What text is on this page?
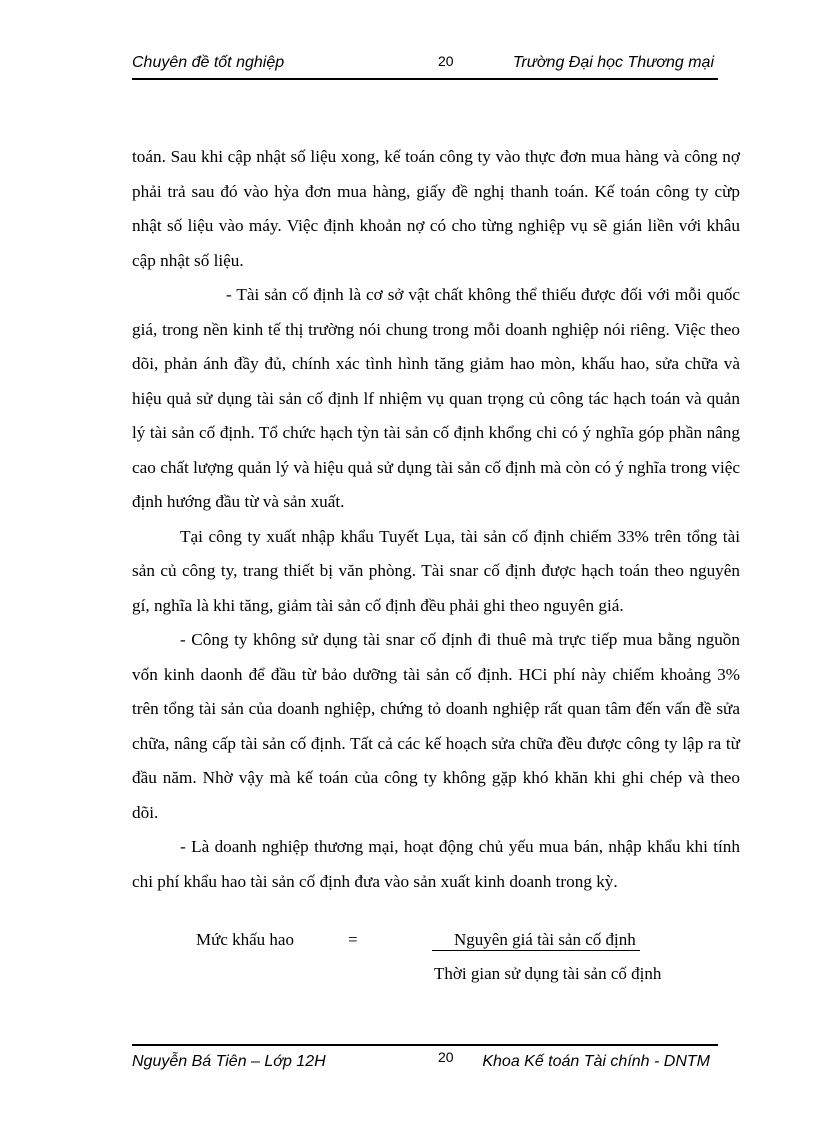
Chuyên đề tốt nghiệp	20	Trường Đại học Thương mại

toán. Sau khi cập nhật số liệu xong, kế toán công ty vào thực đơn mua hàng và công nợ phải trả sau đó vào hỳa đơn mua hàng, giấy đề nghị thanh toán. Kế toán công ty cừp nhật số liệu vào máy. Việc định khoản nợ có cho từng nghiệp vụ sẽ gián liền với khâu cập nhật số liệu.

- Tài sản cố định là cơ sở vật chất không thể thiếu được đối với mỗi quốc giá, trong nền kinh tế thị trường nói chung trong mỗi doanh nghiệp nói riêng. Việc theo dõi, phản ánh đầy đủ, chính xác tình hình tăng giảm hao mòn, khấu hao, sửa chữa và hiệu quả sử dụng tài sản cố định lf nhiệm vụ quan trọng củ công tác hạch toán và quản lý tài sản cố định. Tổ chức hạch tỳn tài sản cố định khổng chi có ý nghĩa góp phần nâng cao chất lượng quản lý và hiệu quả sử dụng tài sản cố định mà còn có ý nghĩa trong việc định hướng đầu từ và sản xuất.

Tại công ty xuất nhập khẩu Tuyết Lụa, tài sản cố định chiếm 33% trên tổng tài sản củ công ty, trang thiết bị văn phòng. Tài snar cố định được hạch toán theo nguyên gí, nghĩa là khi tăng, giảm tài sản cố định đều phải ghi theo nguyên giá.

- Công ty không sử dụng tài snar cố định đi thuê mà trực tiếp mua bằng nguồn vốn kinh daonh để đầu từ bảo dưỡng tài sản cố định. HCi phí này chiếm khoảng 3% trên tổng tài sản của doanh nghiệp, chứng tỏ doanh nghiệp rất quan tâm đến vấn đề sửa chữa, nâng cấp tài sản cố định. Tất cả các kế hoạch sửa chữa đều được công ty lập ra từ đầu năm. Nhờ vậy mà kế toán của công ty không gặp khó khăn khi ghi chép và theo dõi.

- Là doanh nghiệp thương mại, hoạt động chủ yếu mua bán, nhập khẩu khi tính chi phí khẩu hao tài sản cố định đưa vào sản xuất kinh doanh trong kỳ.

Mức khấu hao	=	Nguyên giá tài sản cố định
Thời gian sử dụng tài sản cố định
Nguyễn Bá Tiên – Lớp 12H	20 Khoa Kế toán Tài chính - DNTM
